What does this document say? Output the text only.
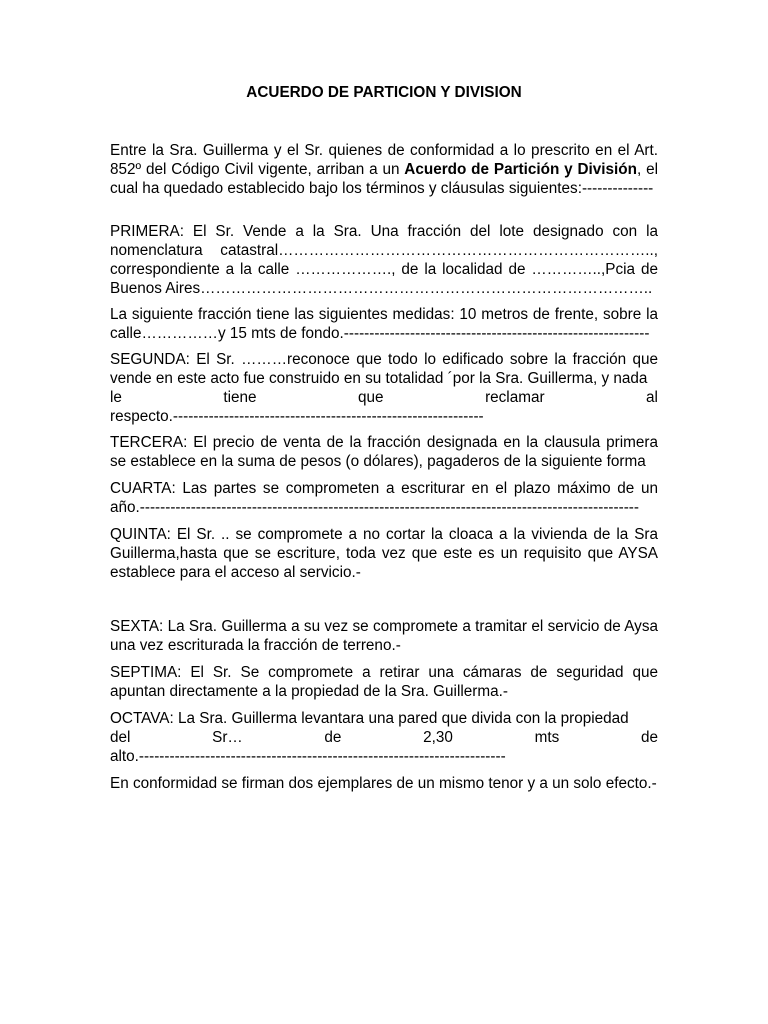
ACUERDO DE PARTICION Y DIVISION

Entre la Sra. Guillerma y el Sr. quienes de conformidad a lo prescrito en el Art. 852º del Código Civil vigente, arriban a un Acuerdo de Partición y División, el cual ha quedado establecido bajo los términos y cláusulas siguientes:--------------

PRIMERA: El Sr. Vende a la Sra. Una fracción del lote designado con la nomenclatura catastral……………………………………………………………….., correspondiente a la calle ………………., de la localidad de …………..,Pcia de Buenos Aires……………………………………………………………………………..

La siguiente fracción tiene las siguientes medidas: 10 metros de frente, sobre la calle……………y 15 mts de fondo.------------------------------------------------------------

SEGUNDA: El Sr. ………reconoce que todo lo edificado sobre la fracción que vende en este acto fue construido en su totalidad ´por la Sra. Guillerma, y nada
le	tiene	que	reclamar	al
respecto.-------------------------------------------------------------

TERCERA: El precio de venta de la fracción designada en la clausula primera se establece en la suma de pesos (o dólares), pagaderos de la siguiente forma

CUARTA: Las partes se comprometen a escriturar en el plazo máximo de un año.--------------------------------------------------------------------------------------------------

QUINTA: El Sr. .. se compromete a no cortar la cloaca a la vivienda de la Sra Guillerma,hasta que se escriture, toda vez que este es un requisito que AYSA establece para el acceso al servicio.-

SEXTA: La Sra. Guillerma a su vez se compromete a tramitar el servicio de Aysa una vez escriturada la fracción de terreno.-

SEPTIMA: El Sr. Se compromete a retirar una cámaras de seguridad que apuntan directamente a la propiedad de la Sra. Guillerma.-

OCTAVA: La Sra. Guillerma levantara una pared que divida con la propiedad
del	Sr…	de	2,30	mts	de
alto.------------------------------------------------------------------------

En conformidad se firman dos ejemplares de un mismo tenor y a un solo efecto.-
